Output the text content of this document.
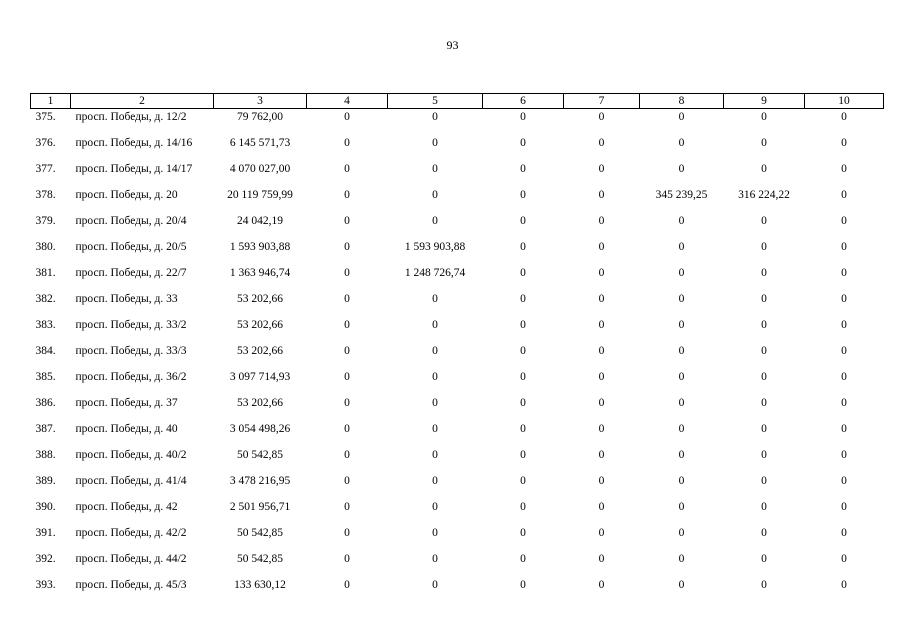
93
1	2	3	4	5	6	7	8	9	10
375.	просп. Победы, д. 12/2	79 762,00	0	0	0	0	0	0	0
376.	просп. Победы, д. 14/16	6 145 571,73	0	0	0	0	0	0	0
377.	просп. Победы, д. 14/17	4 070 027,00	0	0	0	0	0	0	0
378.	просп. Победы, д. 20	20 119 759,99	0	0	0	0	345 239,25	316 224,22	0
379.	просп. Победы, д. 20/4	24 042,19	0	0	0	0	0	0	0
380.	просп. Победы, д. 20/5	1 593 903,88	0	1 593 903,88	0	0	0	0	0
381.	просп. Победы, д. 22/7	1 363 946,74	0	1 248 726,74	0	0	0	0	0
382.	просп. Победы, д. 33	53 202,66	0	0	0	0	0	0	0
383.	просп. Победы, д. 33/2	53 202,66	0	0	0	0	0	0	0
384.	просп. Победы, д. 33/3	53 202,66	0	0	0	0	0	0	0
385.	просп. Победы, д. 36/2	3 097 714,93	0	0	0	0	0	0	0
386.	просп. Победы, д. 37	53 202,66	0	0	0	0	0	0	0
387.	просп. Победы, д. 40	3 054 498,26	0	0	0	0	0	0	0
388.	просп. Победы, д. 40/2	50 542,85	0	0	0	0	0	0	0
389.	просп. Победы, д. 41/4	3 478 216,95	0	0	0	0	0	0	0
390.	просп. Победы, д. 42	2 501 956,71	0	0	0	0	0	0	0
391.	просп. Победы, д. 42/2	50 542,85	0	0	0	0	0	0	0
392.	просп. Победы, д. 44/2	50 542,85	0	0	0	0	0	0	0
393.	просп. Победы, д. 45/3	133 630,12	0	0	0	0	0	0	0
